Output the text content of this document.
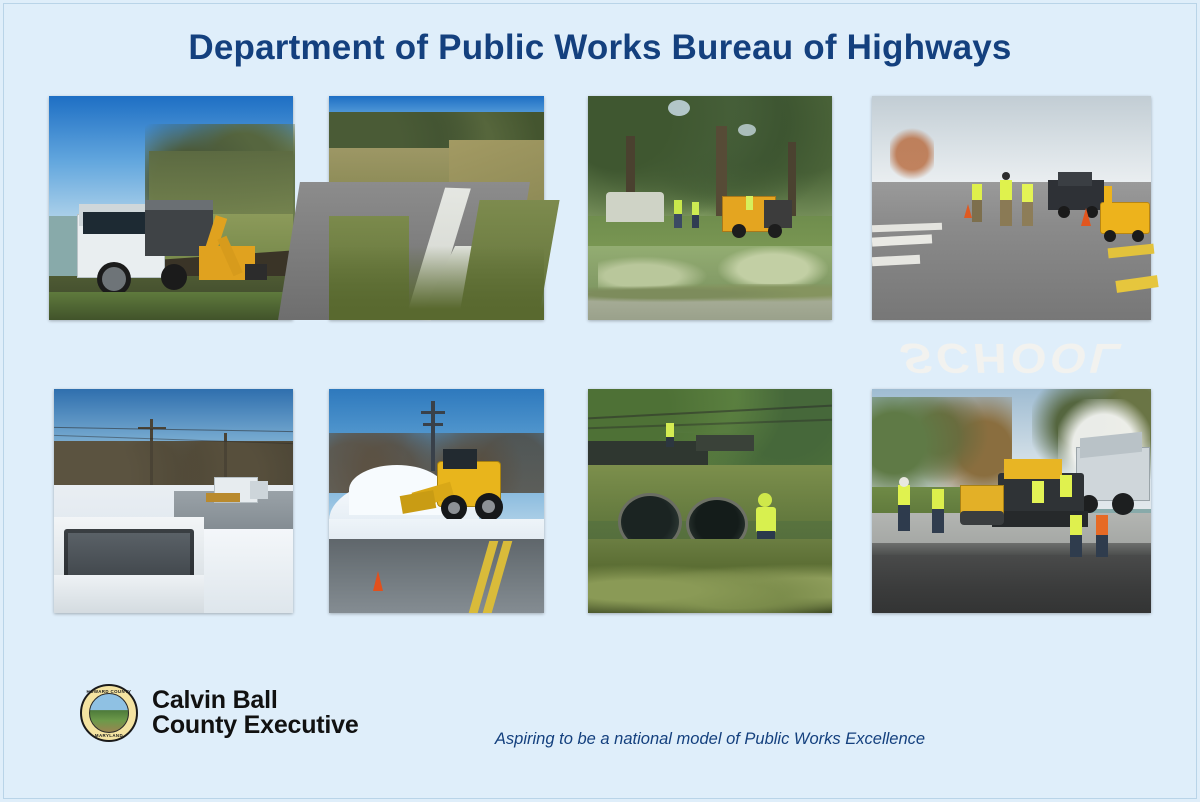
Department of Public Works Bureau of Highways
SCHOOL
HOWARD COUNTY
MARYLAND
Calvin Ball
County Executive	Aspiring to be a national model of Public Works Excellence
